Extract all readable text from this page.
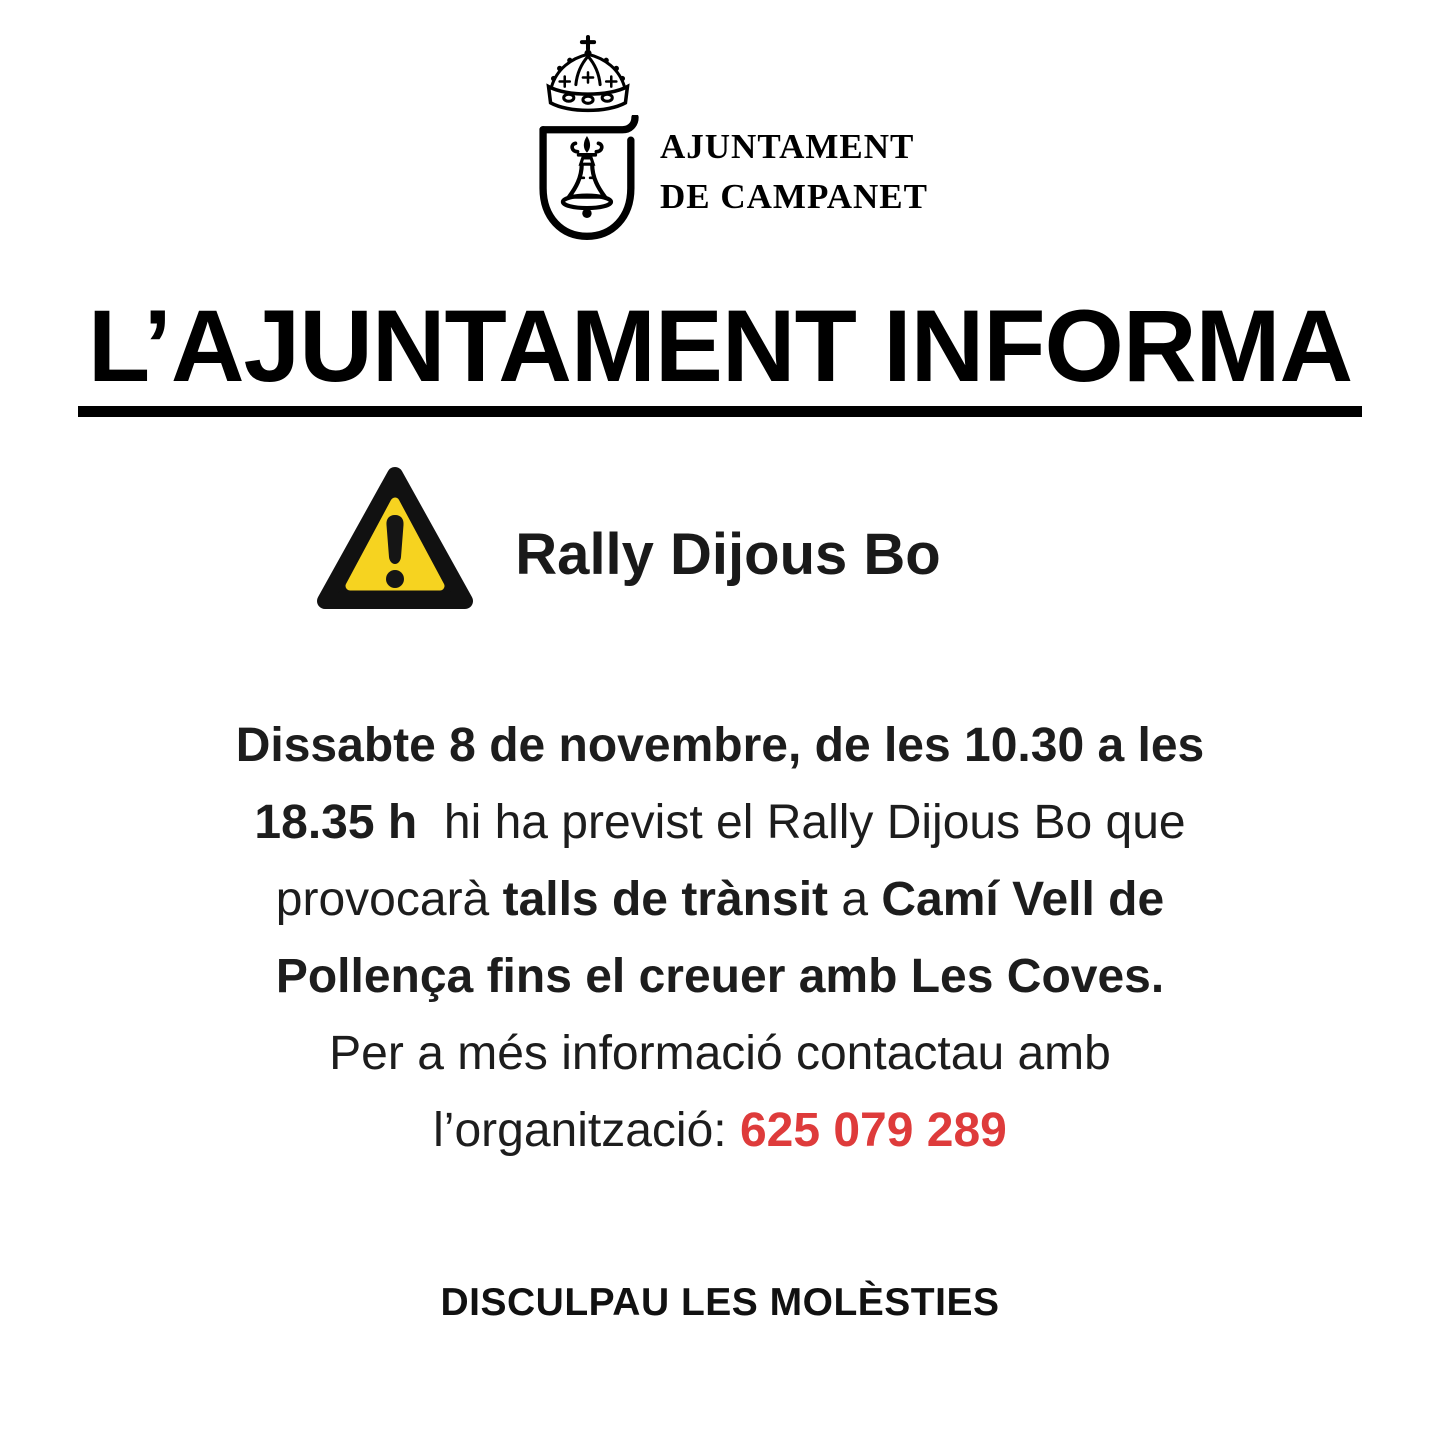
AJUNTAMENT
DE CAMPANET
L’AJUNTAMENT INFORMA
Rally Dijous Bo
Dissabte 8 de novembre, de les 10.30 a les
18.35 h  hi ha previst el Rally Dijous Bo que
provocarà talls de trànsit a Camí Vell de
Pollença fins el creuer amb Les Coves.
Per a més informació contactau amb
l’organització: 625 079 289
DISCULPAU LES MOLÈSTIES
